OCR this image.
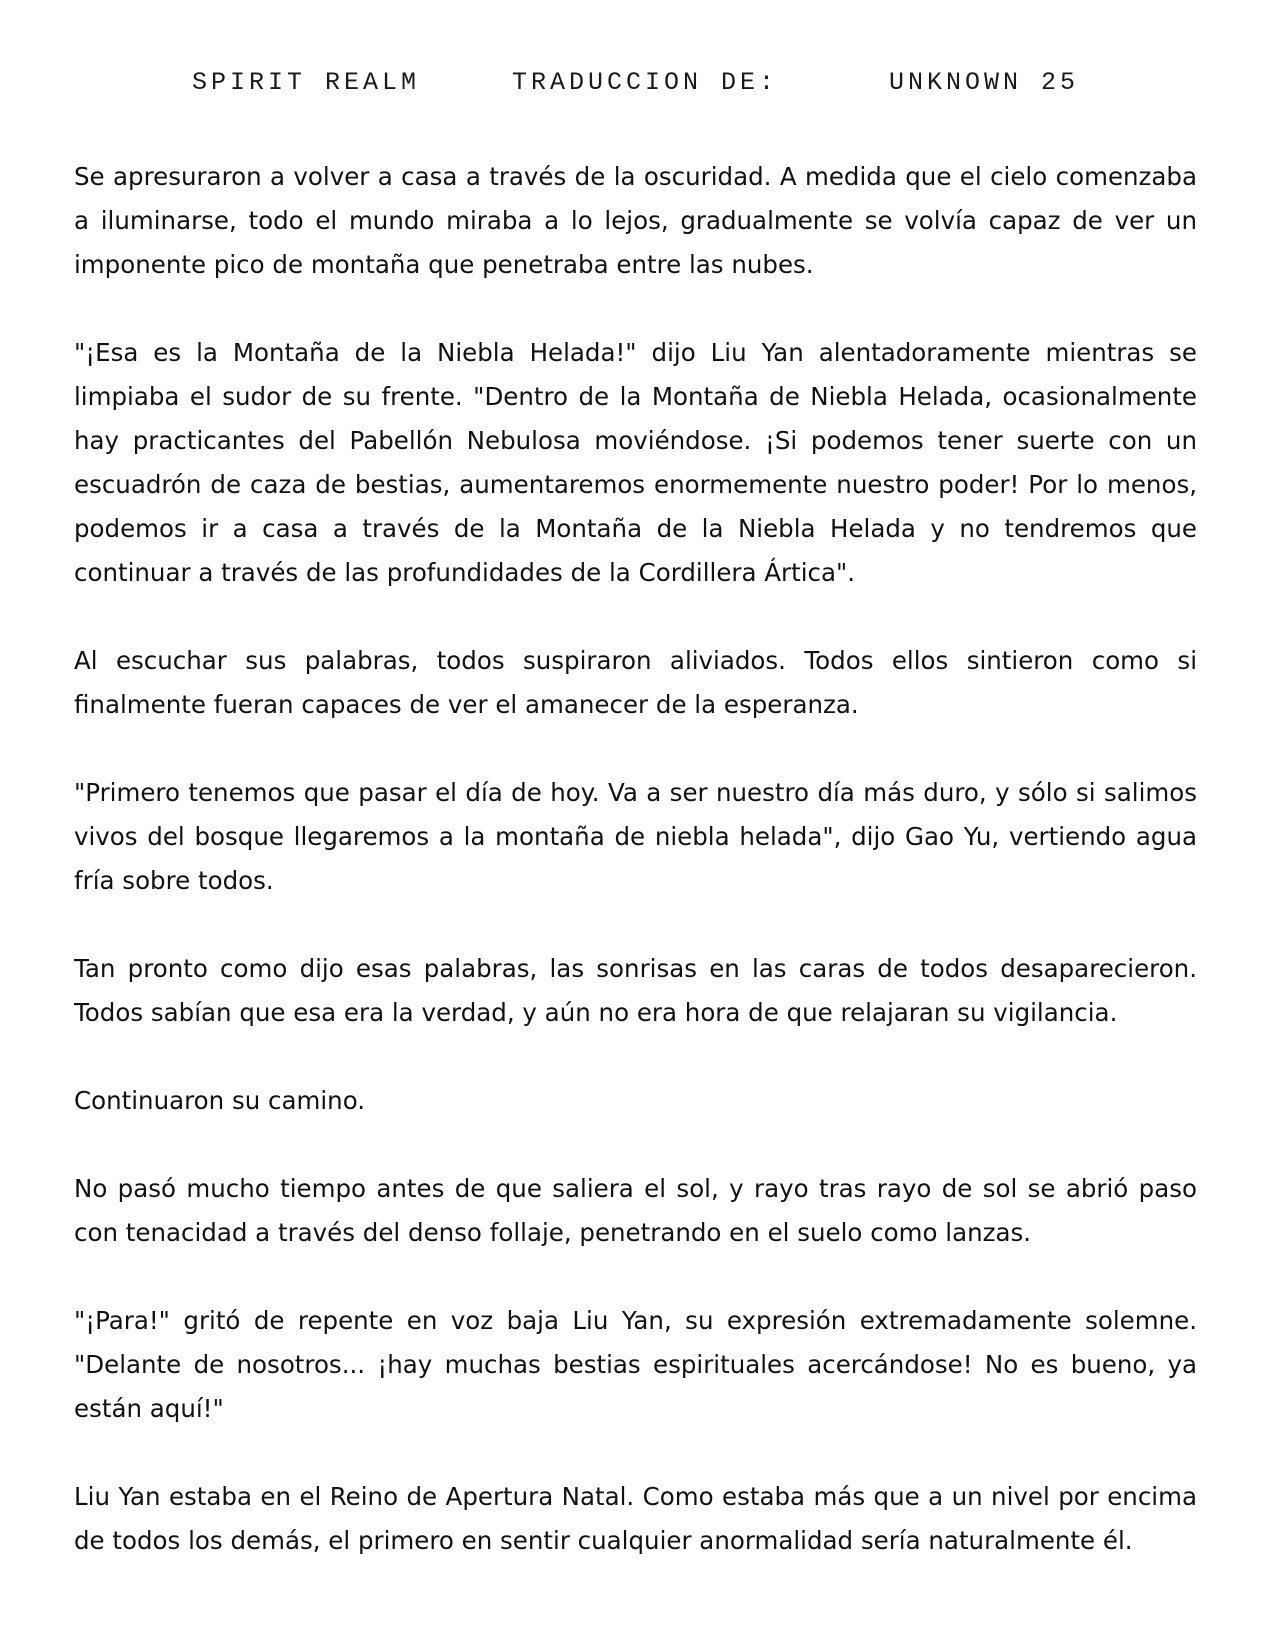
SPIRIT REALM	TRADUCCION DE:	UNKNOWN 25

Se apresuraron a volver a casa a través de la oscuridad. A medida que el cielo comenzaba a iluminarse, todo el mundo miraba a lo lejos, gradualmente se volvía capaz de ver un imponente pico de montaña que penetraba entre las nubes.

"¡Esa es la Montaña de la Niebla Helada!" dijo Liu Yan alentadoramente mientras se limpiaba el sudor de su frente. "Dentro de la Montaña de Niebla Helada, ocasionalmente hay practicantes del Pabellón Nebulosa moviéndose. ¡Si podemos tener suerte con un escuadrón de caza de bestias, aumentaremos enormemente nuestro poder! Por lo menos, podemos ir a casa a través de la Montaña de la Niebla Helada y no tendremos que continuar a través de las profundidades de la Cordillera Ártica".

Al escuchar sus palabras, todos suspiraron aliviados. Todos ellos sintieron como si finalmente fueran capaces de ver el amanecer de la esperanza.

"Primero tenemos que pasar el día de hoy. Va a ser nuestro día más duro, y sólo si salimos vivos del bosque llegaremos a la montaña de niebla helada", dijo Gao Yu, vertiendo agua fría sobre todos.

Tan pronto como dijo esas palabras, las sonrisas en las caras de todos desaparecieron. Todos sabían que esa era la verdad, y aún no era hora de que relajaran su vigilancia.

Continuaron su camino.

No pasó mucho tiempo antes de que saliera el sol, y rayo tras rayo de sol se abrió paso con tenacidad a través del denso follaje, penetrando en el suelo como lanzas.

"¡Para!" gritó de repente en voz baja Liu Yan, su expresión extremadamente solemne. "Delante de nosotros... ¡hay muchas bestias espirituales acercándose! No es bueno, ya están aquí!"

Liu Yan estaba en el Reino de Apertura Natal. Como estaba más que a un nivel por encima de todos los demás, el primero en sentir cualquier anormalidad sería naturalmente él.
